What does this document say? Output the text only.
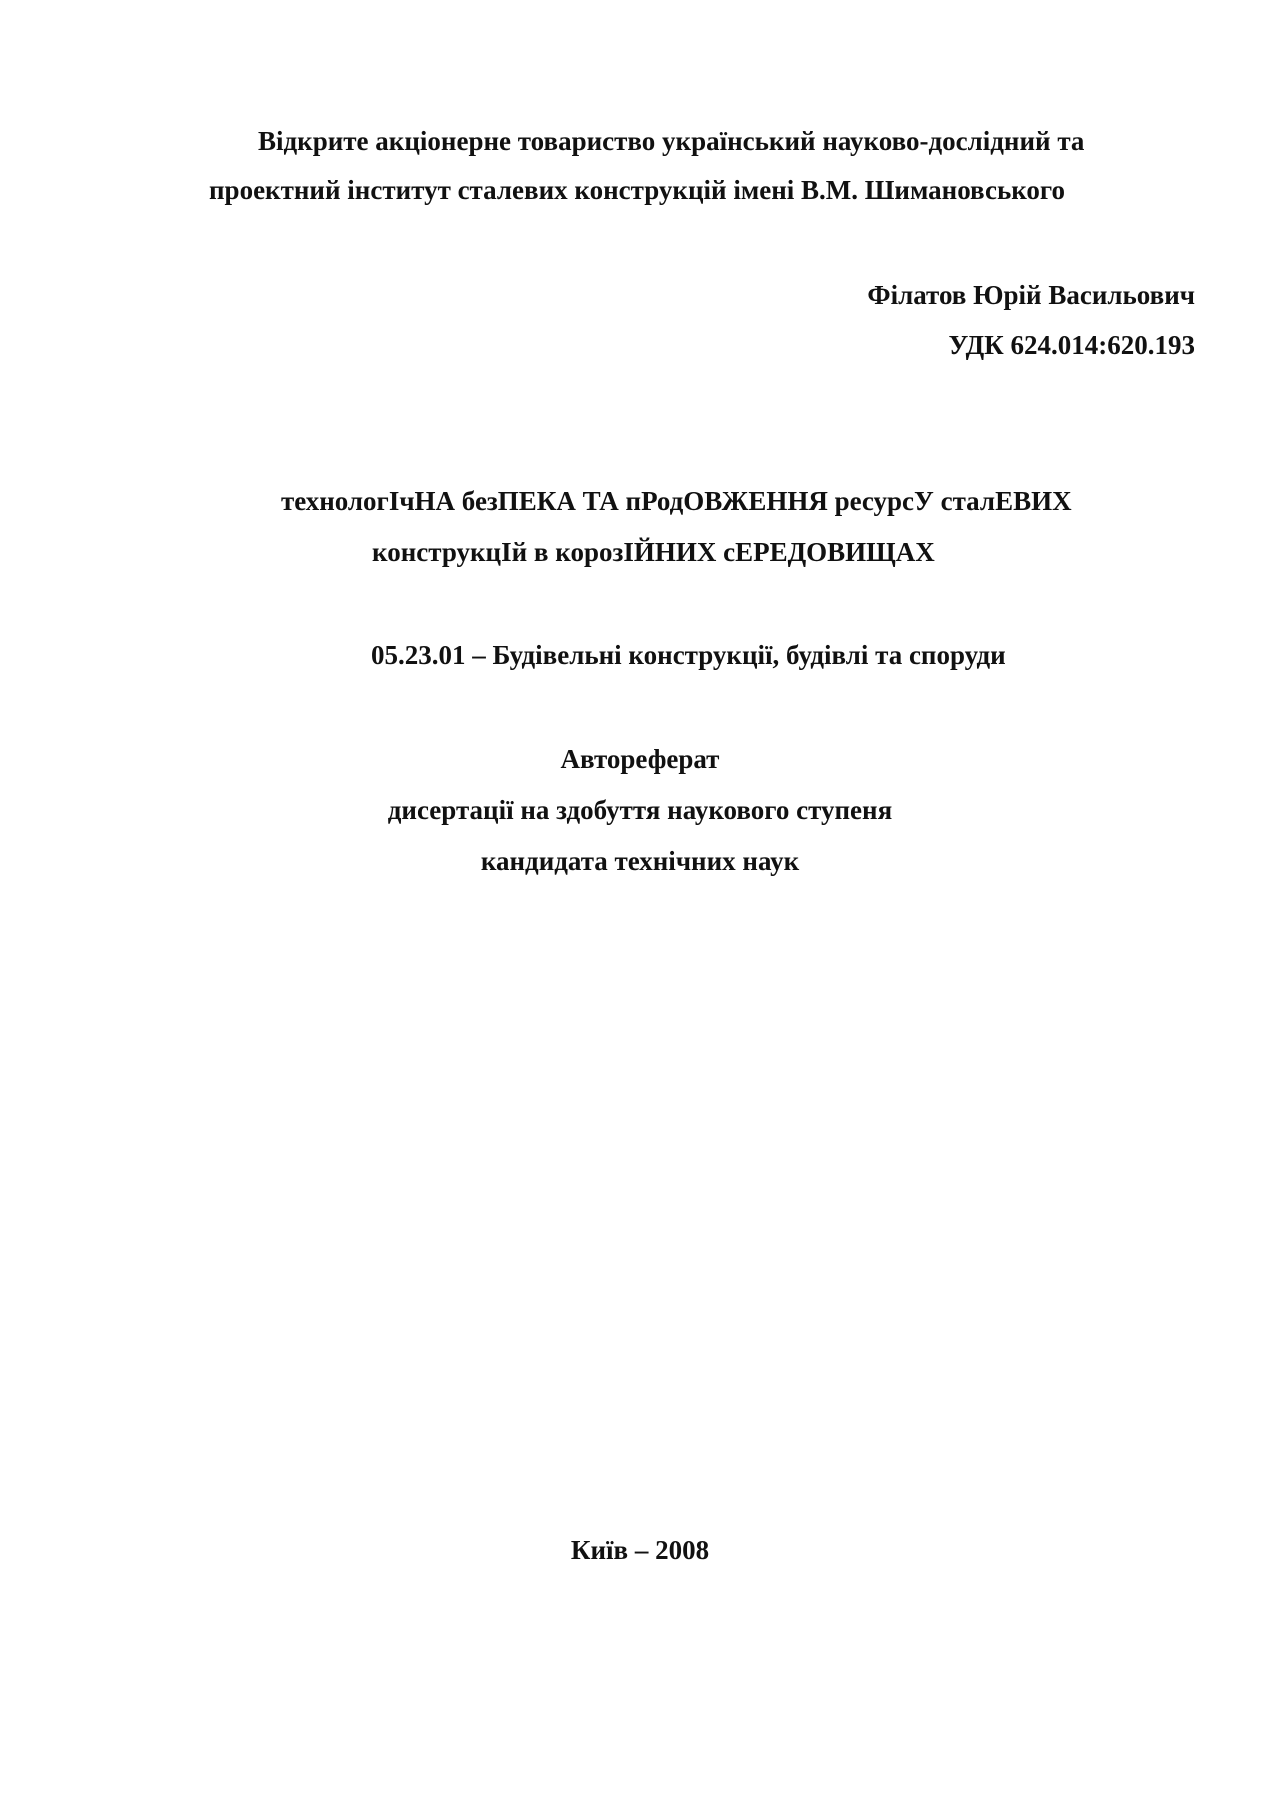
Відкрите акціонерне товариство український науково-дослідний та
проектний інститут сталевих конструкцій імені В.М. Шимановського
Філатов Юрій Васильович
УДК 624.014:620.193
технологІчНА безПЕКА ТА пРодОВЖЕННЯ ресурсУ сталЕВИХ
конструкцІй в корозІЙНИХ сЕРЕДОВИЩАХ
05.23.01 – Будівельні конструкції, будівлі та споруди
Автореферат
дисертації на здобуття наукового ступеня
кандидата технічних наук
Київ – 2008
